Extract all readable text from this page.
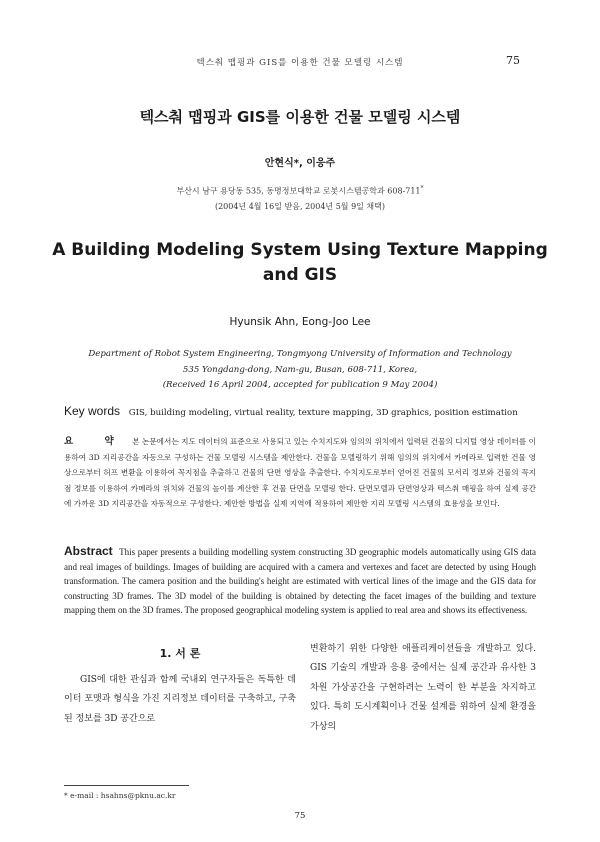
텍스춰 맵핑과 GIS를 이용한 건물 모델링 시스템	75
텍스춰 맵핑과 GIS를 이용한 건물 모델링 시스템
안현식*, 이응주
부산시 남구 용당동 535, 동명정보대학교 로봇시스템공학과 608-711*
(2004년 4월 16일 받음, 2004년 5월 9일 채택)
A Building Modeling System Using Texture Mapping and GIS
Hyunsik Ahn, Eong-Joo Lee
Department of Robot System Engineering, Tongmyong University of Information and Technology
535 Yongdang-dong, Nam-gu, Busan, 608-711, Korea,
(Received 16 April 2004, accepted for publication 9 May 2004)
Key words GIS, building modeling, virtual reality, texture mapping, 3D graphics, position estimation
요 약 본 논문에서는 지도 데이터의 표준으로 사용되고 있는 수치지도와 임의의 위치에서 입력된 건물의 디지털 영상 데이터를 이용하여 3D 지리공간을 자동으로 구성하는 건물 모델링 시스템을 제안한다. 건물을 모델링하기 위해 임의의 위치에서 카메라로 입력한 건물 영상으로부터 허프 변환을 이용하여 꼭지점을 추출하고 건물의 단면 영상을 추출한다. 수치지도로부터 얻어진 건물의 모서리 정보와 건물의 꼭지점 정보를 이용하여 카메라의 위치와 건물의 높이를 계산한 후 건물 단면을 모델링 한다. 단면모델과 단면영상과 텍스춰 매핑을 하여 실제 공간에 가까운 3D 지리공간을 자동적으로 구성한다. 제안한 방법을 실제 지역에 적용하여 제안한 지리 모델링 시스템의 효용성을 보인다.
Abstract This paper presents a building modelling system constructing 3D geographic models automatically using GIS data and real images of buildings. Images of building are acquired with a camera and vertexes and facet are detected by using Hough transformation. The camera position and the building's height are estimated with vertical lines of the image and the GIS data for constructing 3D frames. The 3D model of the building is obtained by detecting the facet images of the building and texture mapping them on the 3D frames. The proposed geographical modeling system is applied to real area and shows its effectiveness.
1. 서 론
GIS에 대한 관심과 함께 국내외 연구자들은 독특한 데이터 포맷과 형식을 가진 지리정보 데이터를 구축하고, 구축된 정보를 3D 공간으로
변환하기 위한 다양한 애플리케이션들을 개발하고 있다. GIS 기술의 개발과 응용 중에서는 실제 공간과 유사한 3차원 가상공간을 구현하려는 노력이 한 부분을 차지하고 있다. 특히 도시계획이나 건물 설계를 위하여 실제 환경을 가상의
* e-mail : hsahns@pknu.ac.kr
75
